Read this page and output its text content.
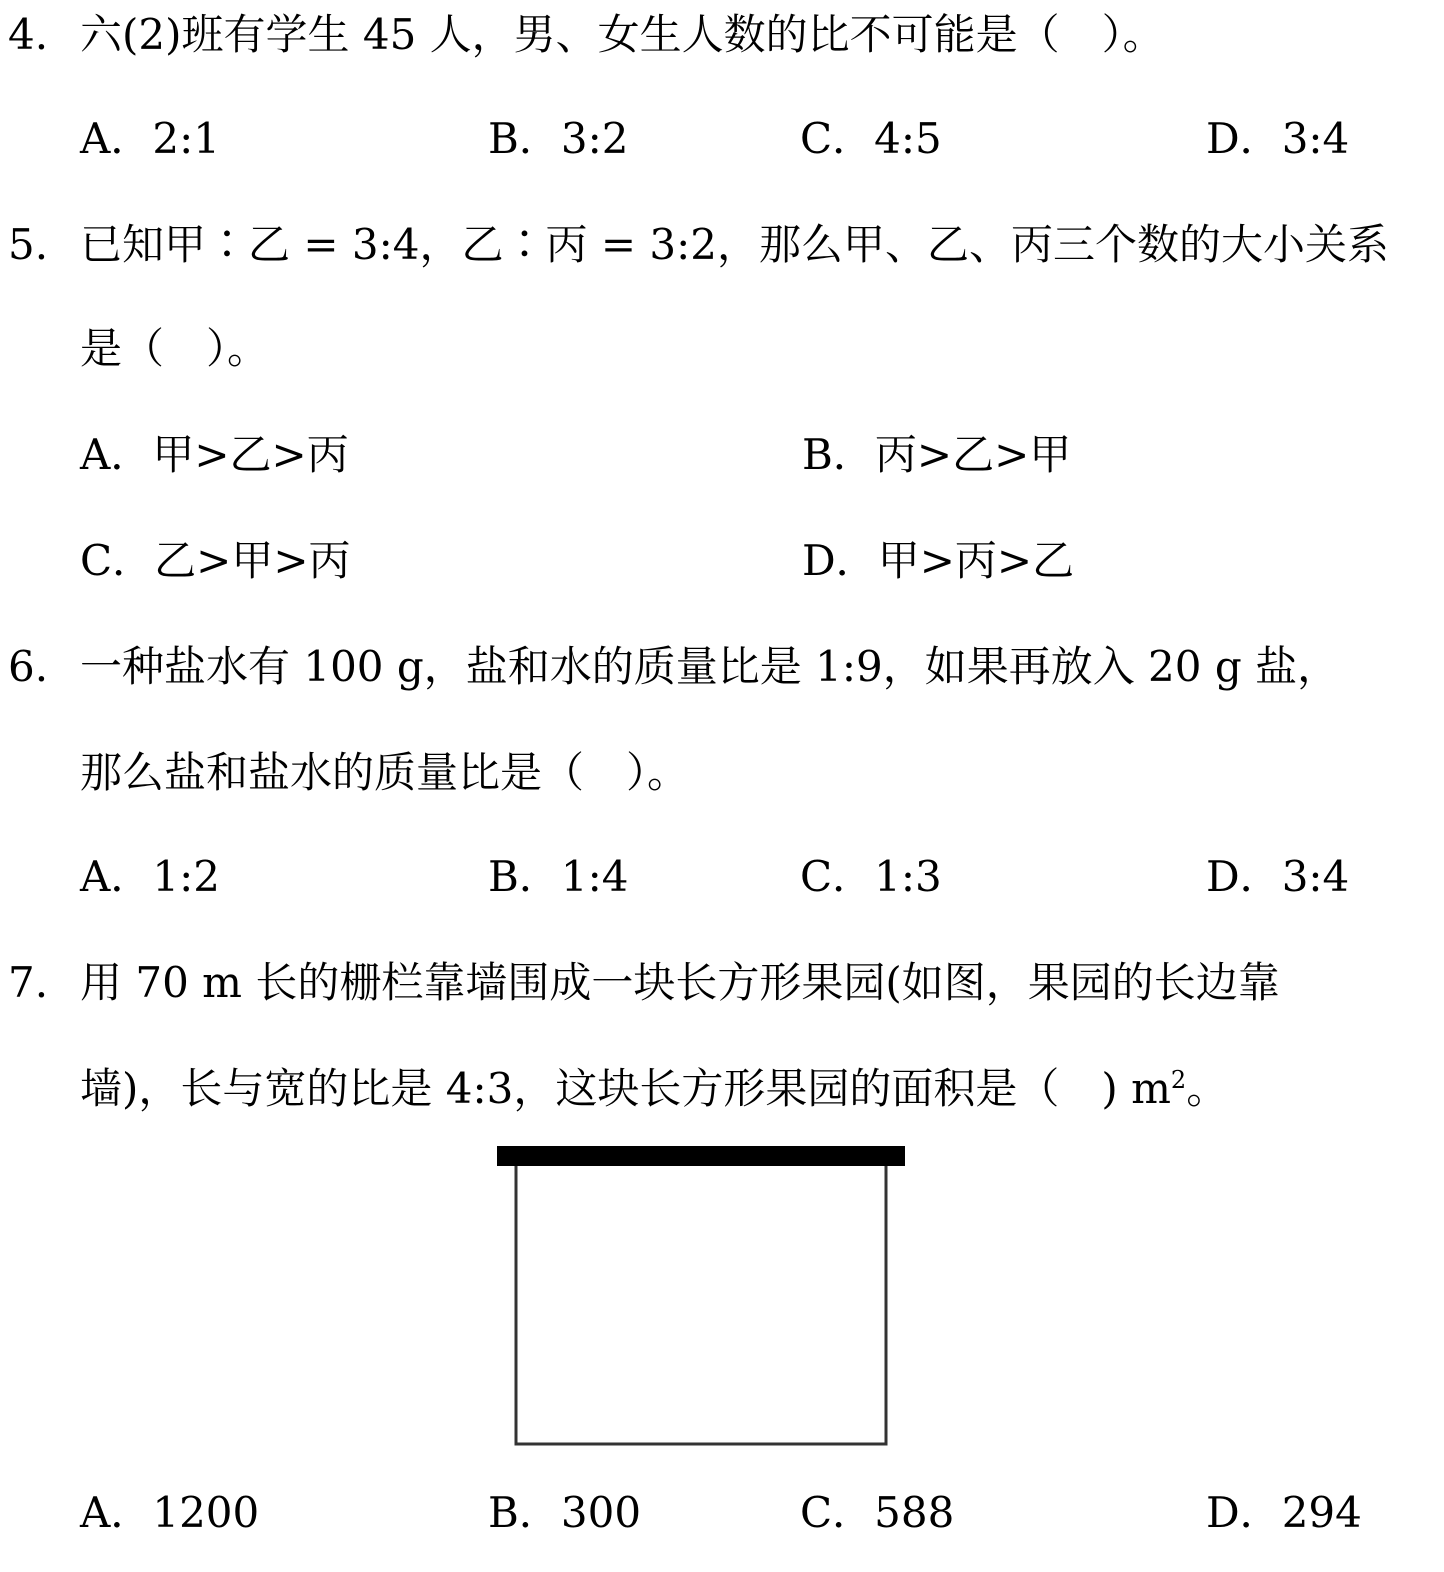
4. 六(2)班有学生 45 人，男、女生人数的比不可能是（　）。
A．2:1	B．3:2	C．4:5	D．3:4
5. 已知甲∶乙 = 3:4，乙∶丙 = 3:2，那么甲、乙、丙三个数的大小关系
是（　）。
A．甲>乙>丙	B．丙>乙>甲
C．乙>甲>丙	D．甲>丙>乙
6. 一种盐水有 100 g，盐和水的质量比是 1:9，如果再放入 20 g 盐，
那么盐和盐水的质量比是（　）。
A．1:2	B．1:4	C．1:3	D．3:4
7. 用 70 m 长的栅栏靠墙围成一块长方形果园(如图，果园的长边靠
墙)，长与宽的比是 4:3，这块长方形果园的面积是（　) $m^2$。
A．1200	B．300	C．588	D．294
